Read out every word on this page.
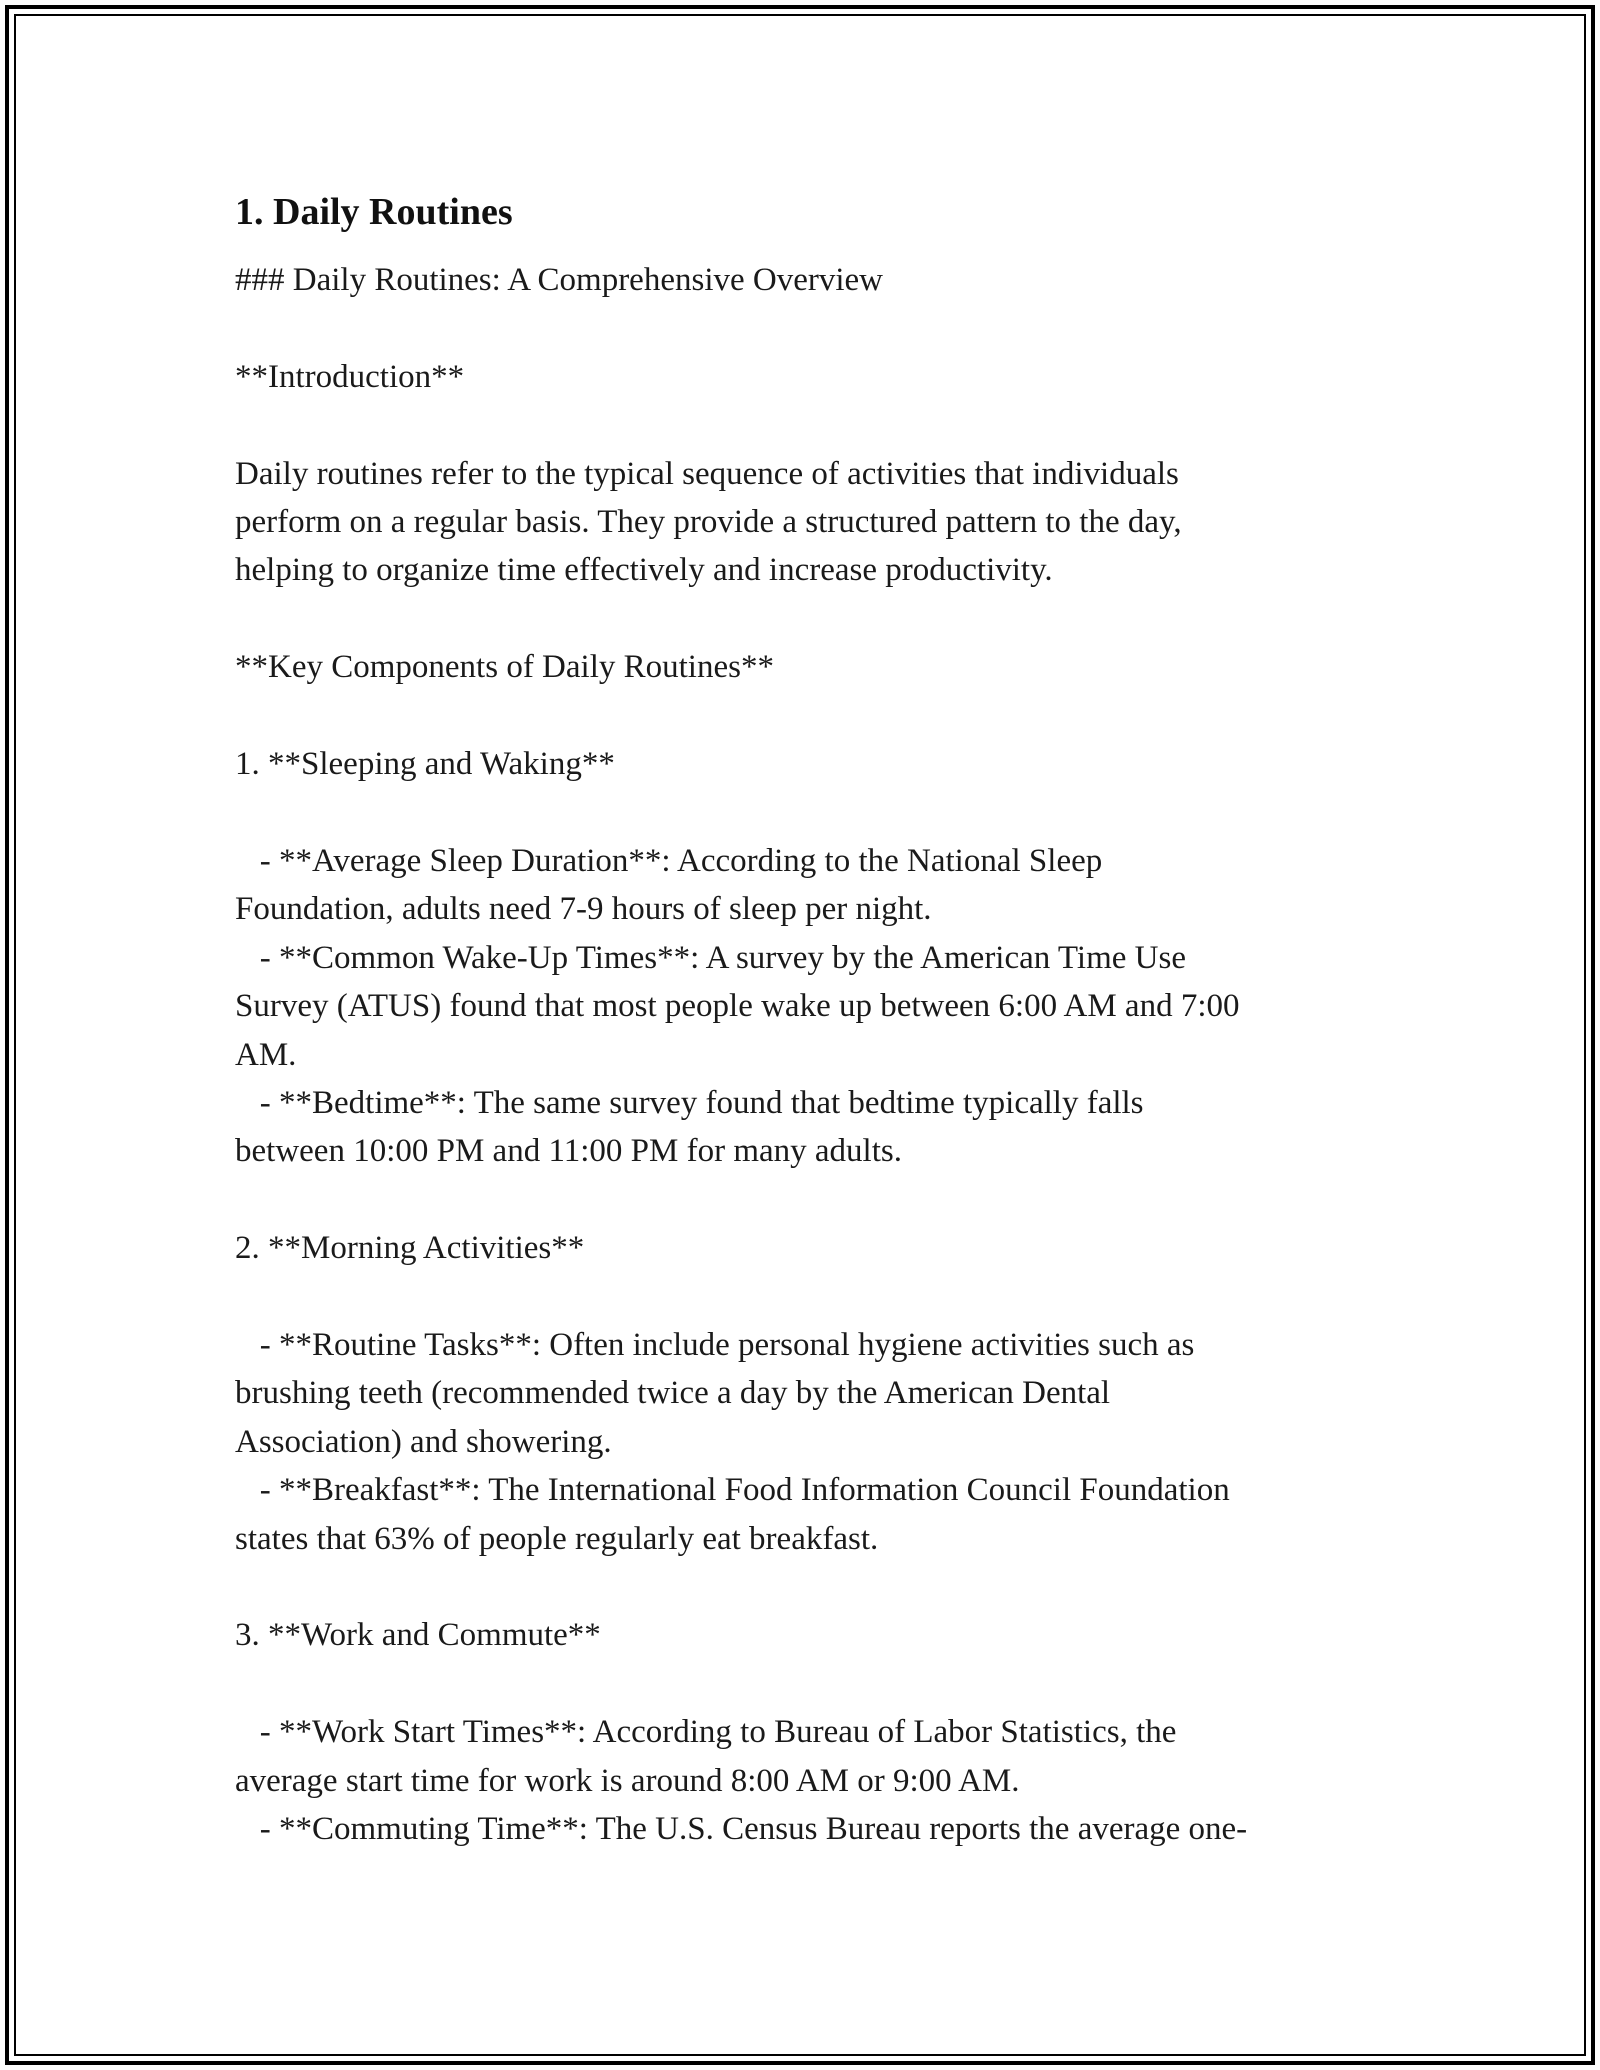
1. Daily Routines

### Daily Routines: A Comprehensive Overview

**Introduction**

Daily routines refer to the typical sequence of activities that individuals

perform on a regular basis. They provide a structured pattern to the day,

helping to organize time effectively and increase productivity.

**Key Components of Daily Routines**

1. **Sleeping and Waking**

- **Average Sleep Duration**: According to the National Sleep

Foundation, adults need 7-9 hours of sleep per night.

- **Common Wake-Up Times**: A survey by the American Time Use

Survey (ATUS) found that most people wake up between 6:00 AM and 7:00

AM.

- **Bedtime**: The same survey found that bedtime typically falls

between 10:00 PM and 11:00 PM for many adults.

2. **Morning Activities**

- **Routine Tasks**: Often include personal hygiene activities such as

brushing teeth (recommended twice a day by the American Dental

Association) and showering.

- **Breakfast**: The International Food Information Council Foundation

states that 63% of people regularly eat breakfast.

3. **Work and Commute**

- **Work Start Times**: According to Bureau of Labor Statistics, the

average start time for work is around 8:00 AM or 9:00 AM.

- **Commuting Time**: The U.S. Census Bureau reports the average one-
